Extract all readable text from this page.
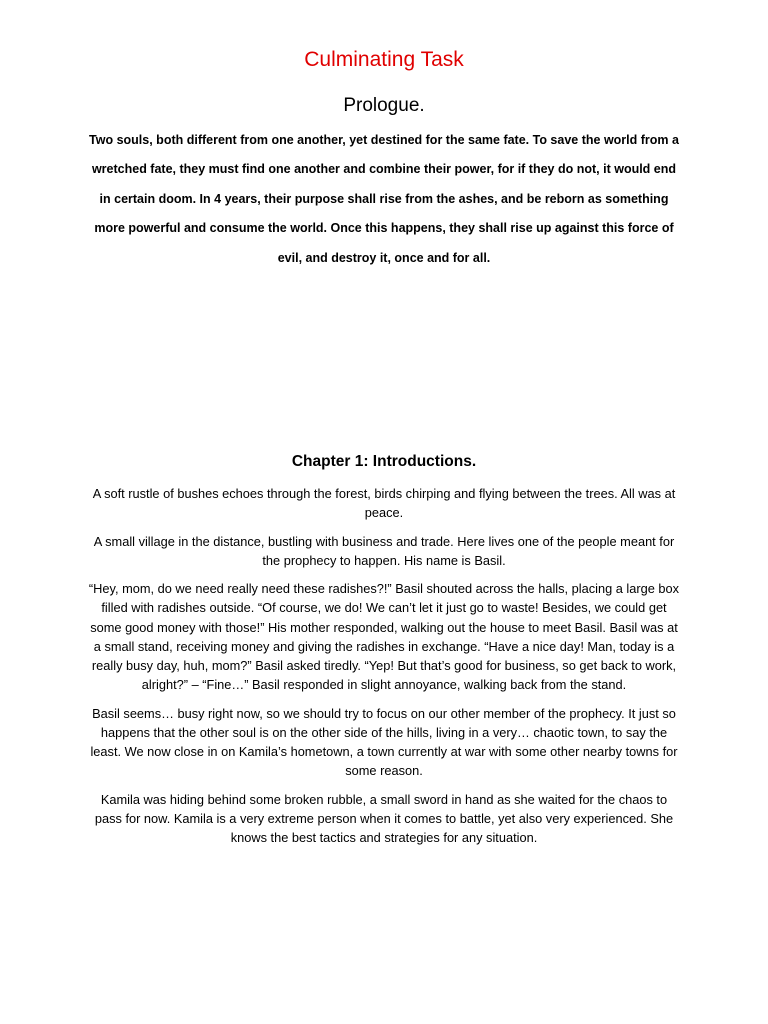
Culminating Task
Prologue.

Two souls, both different from one another, yet destined for the same fate. To save the world from a wretched fate, they must find one another and combine their power, for if they do not, it would end in certain doom. In 4 years, their purpose shall rise from the ashes, and be reborn as something more powerful and consume the world. Once this happens, they shall rise up against this force of evil, and destroy it, once and for all.

Chapter 1: Introductions.

A soft rustle of bushes echoes through the forest, birds chirping and flying between the trees. All was at peace.

A small village in the distance, bustling with business and trade. Here lives one of the people meant for the prophecy to happen. His name is Basil.

“Hey, mom, do we need really need these radishes?!” Basil shouted across the halls, placing a large box filled with radishes outside. “Of course, we do! We can’t let it just go to waste! Besides, we could get some good money with those!” His mother responded, walking out the house to meet Basil. Basil was at a small stand, receiving money and giving the radishes in exchange. “Have a nice day! Man, today is a really busy day, huh, mom?” Basil asked tiredly. “Yep! But that’s good for business, so get back to work, alright?” – “Fine…” Basil responded in slight annoyance, walking back from the stand.

Basil seems… busy right now, so we should try to focus on our other member of the prophecy. It just so happens that the other soul is on the other side of the hills, living in a very… chaotic town, to say the least. We now close in on Kamila’s hometown, a town currently at war with some other nearby towns for some reason.

Kamila was hiding behind some broken rubble, a small sword in hand as she waited for the chaos to pass for now. Kamila is a very extreme person when it comes to battle, yet also very experienced. She knows the best tactics and strategies for any situation.
